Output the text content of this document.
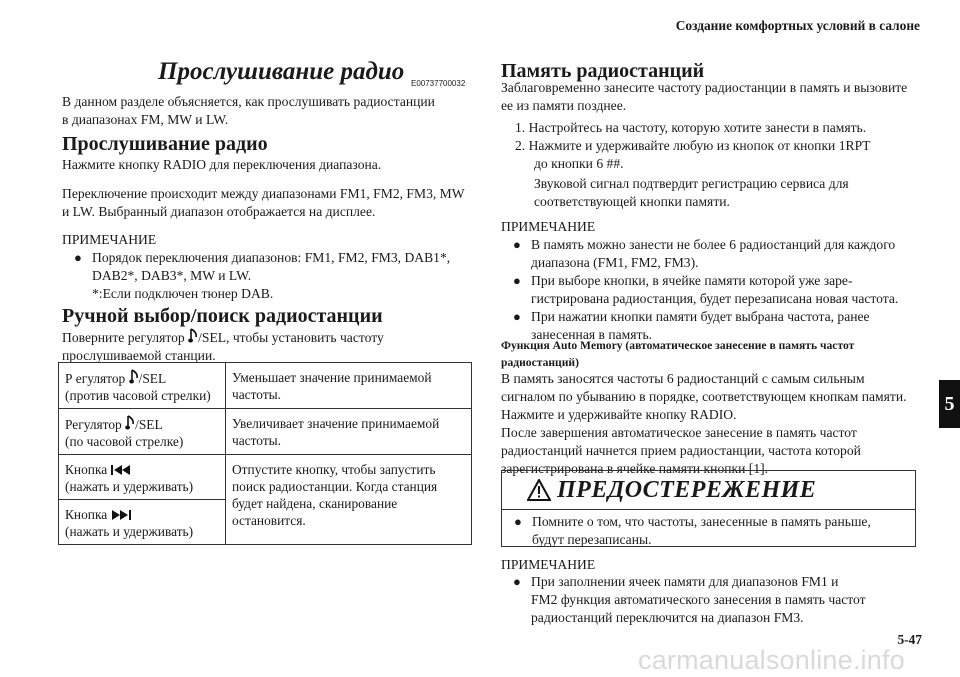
Создание комфортных условий в салоне
Прослушивание радио E00737700032

В данном разделе объясняется, как прослушивать радиостанции

в диапазонах FM, MW и LW.

Прослушивание радио

Нажмите кнопку RADIO для переключения диапазона.

Переключение происходит между диапазонами FM1, FM2, FM3, MW

и LW. Выбранный диапазон отображается на дисплее.

ПРИМЕЧАНИЕ

● Порядок переключения диапазонов: FM1, FM2, FM3, DAB1*,

DAB2*, DAB3*, MW и LW.

*:Если подключен тюнер DAB.

Ручной выбор/поиск радиостанции

Поверните регулятор /SEL, чтобы установить частоту

прослушиваемой станции.

Р егулятор /SEL
(против часовой стрелки)	Уменьшает значение принимаемой
частоты.
Регулятор /SEL
(по часовой стрелке)	Увеличивает значение принимаемой
частоты.
Кнопка
(нажать и удерживать)	Отпустите кнопку, чтобы запустить
поиск радиостанции. Когда станция
будет найдена, сканирование
остановится.
Кнопка
(нажать и удерживать)	
Память радиостанций

Заблаговременно занесите частоту радиостанции в память и вызовите

ее из памяти позднее.

1. Настройтесь на частоту, которую хотите занести в память.

2. Нажмите и удерживайте любую из кнопок от кнопки 1RPT

до кнопки 6 ##.

Звуковой сигнал подтвердит регистрацию сервиса для

соответствующей кнопки памяти.

ПРИМЕЧАНИЕ

● В память можно занести не более 6 радиостанций для каждого

диапазона (FM1, FM2, FM3).

● При выборе кнопки, в ячейке памяти которой уже заре-

гистрирована радиостанция, будет перезаписана новая частота.

● При нажатии кнопки памяти будет выбрана частота, ранее

занесенная в память.

Функция Auto Memory (автоматическое занесение в память частот
радиостанций)

В память заносятся частоты 6 радиостанций с самым сильным

сигналом по убыванию в порядке, соответствующем кнопкам памяти.

Нажмите и удерживайте кнопку RADIO.

После завершения автоматическое занесение в память частот

радиостанций начнется прием радиостанции, частота которой

зарегистрирована в ячейке памяти кнопки [1].

ПРЕДОСТЕРЕЖЕНИЕ

● Помните о том, что частоты, занесенные в память раньше,

будут перезаписаны.

ПРИМЕЧАНИЕ

● При заполнении ячеек памяти для диапазонов FM1 и

FM2 функция автоматического занесения в память частот

радиостанций переключится на диапазон FM3.

5
5-47
carmanualsonline.info
